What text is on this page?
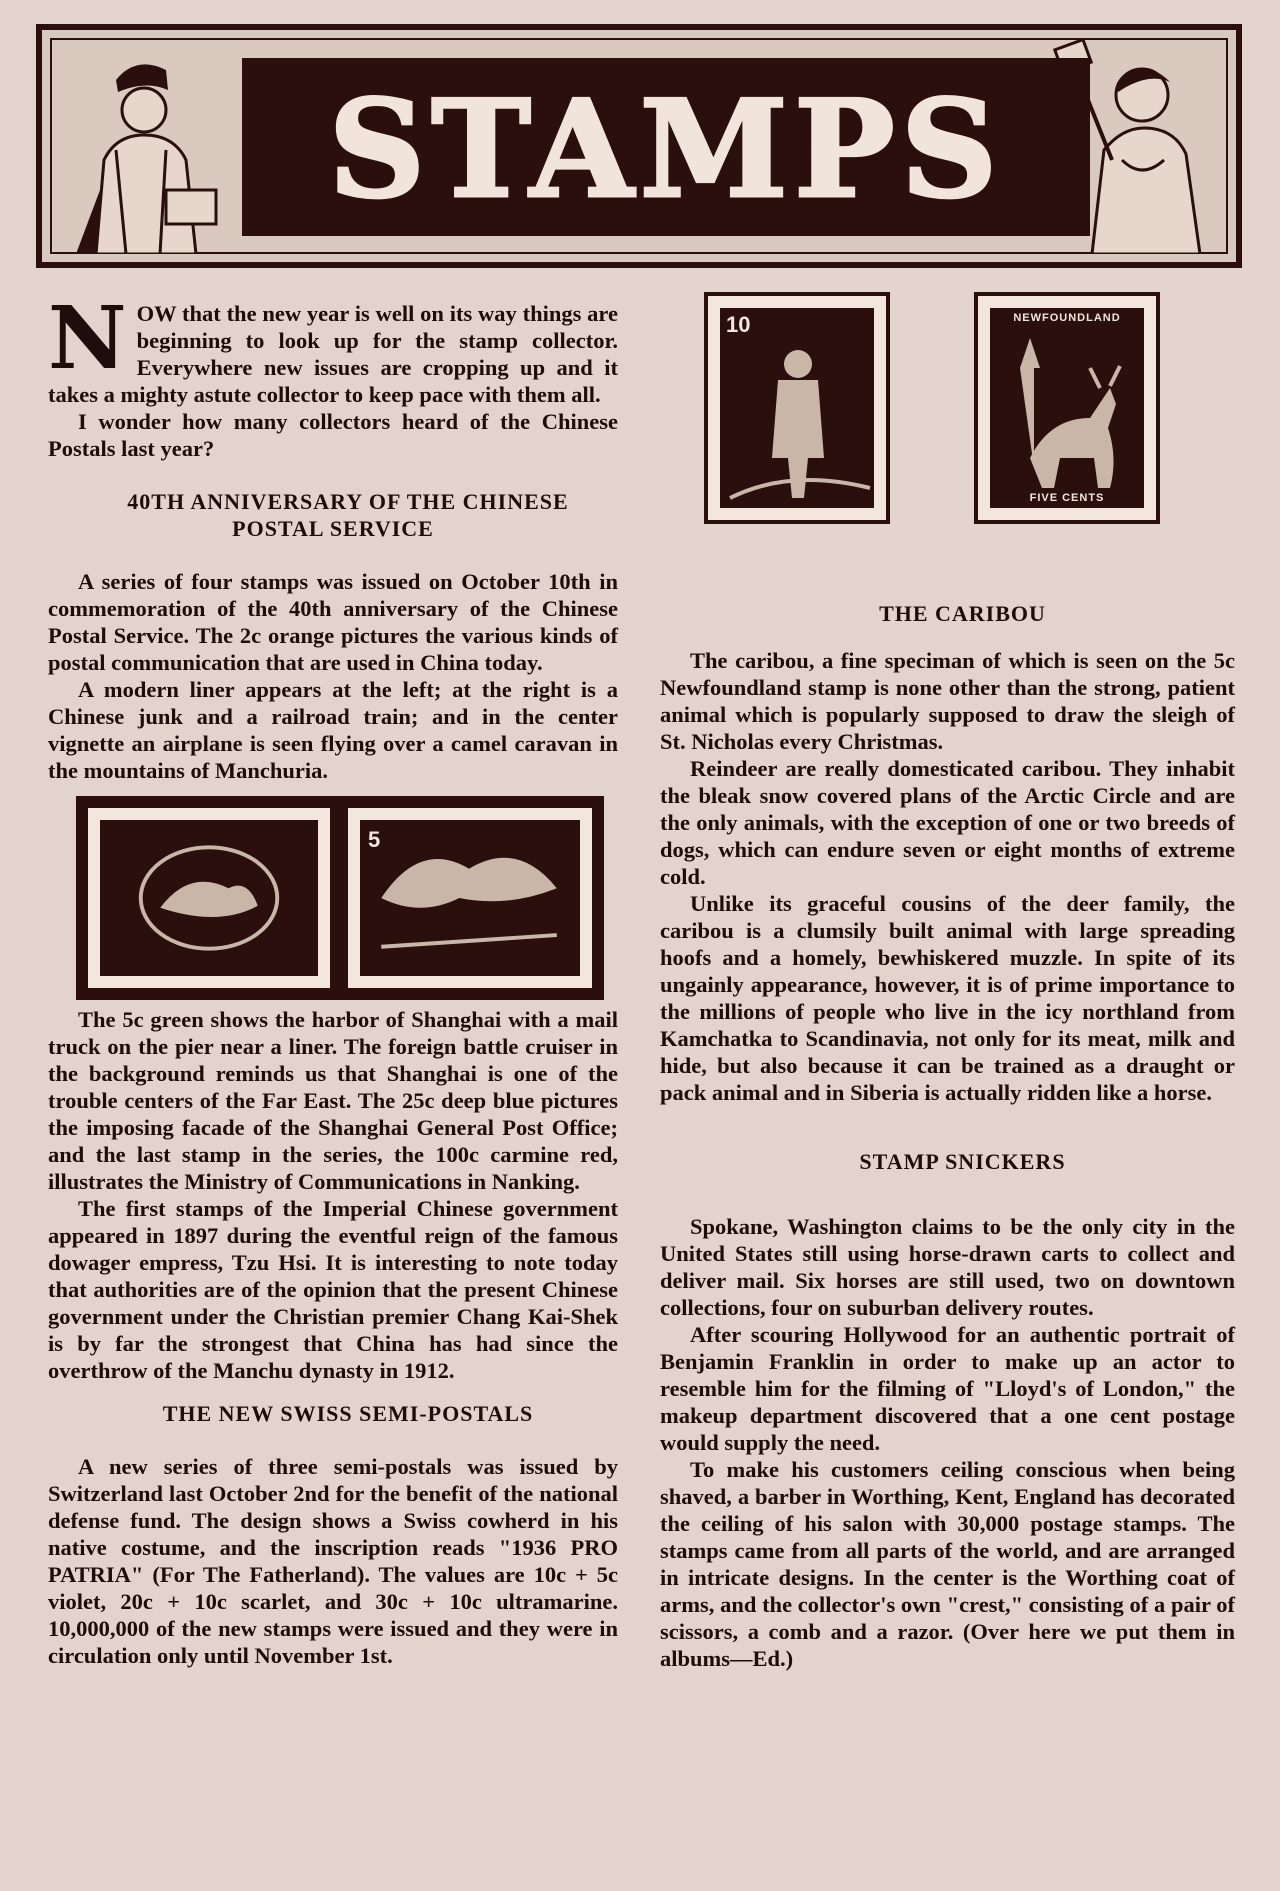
STAMPS

NOW that the new year is well on its way things are beginning to look up for the stamp collector. Everywhere new issues are cropping up and it takes a mighty astute collector to keep pace with them all.

I wonder how many collectors heard of the Chinese Postals last year?

40TH ANNIVERSARY OF THE CHINESE POSTAL SERVICE

A series of four stamps was issued on October 10th in commemoration of the 40th anniversary of the Chinese Postal Service. The 2c orange pictures the various kinds of postal communication that are used in China today.

A modern liner appears at the left; at the right is a Chinese junk and a railroad train; and in the center vignette an airplane is seen flying over a camel caravan in the mountains of Manchuria.

5

The 5c green shows the harbor of Shanghai with a mail truck on the pier near a liner. The foreign battle cruiser in the background reminds us that Shanghai is one of the trouble centers of the Far East. The 25c deep blue pictures the imposing facade of the Shanghai General Post Office; and the last stamp in the series, the 100c carmine red, illustrates the Ministry of Communications in Nanking.

The first stamps of the Imperial Chinese government appeared in 1897 during the eventful reign of the famous dowager empress, Tzu Hsi. It is interesting to note today that authorities are of the opinion that the present Chinese government under the Christian premier Chang Kai-Shek is by far the strongest that China has had since the overthrow of the Manchu dynasty in 1912.

THE NEW SWISS SEMI-POSTALS

A new series of three semi-postals was issued by Switzerland last October 2nd for the benefit of the national defense fund. The design shows a Swiss cowherd in his native costume, and the inscription reads "1936 PRO PATRIA" (For The Fatherland). The values are 10c + 5c violet, 20c + 10c scarlet, and 30c + 10c ultramarine. 10,000,000 of the new stamps were issued and they were in circulation only until November 1st.

10	NEWFOUNDLAND
FIVE CENTS

THE CARIBOU

The caribou, a fine speciman of which is seen on the 5c Newfoundland stamp is none other than the strong, patient animal which is popularly supposed to draw the sleigh of St. Nicholas every Christmas.

Reindeer are really domesticated caribou. They inhabit the bleak snow covered plans of the Arctic Circle and are the only animals, with the exception of one or two breeds of dogs, which can endure seven or eight months of extreme cold.

Unlike its graceful cousins of the deer family, the caribou is a clumsily built animal with large spreading hoofs and a homely, bewhiskered muzzle. In spite of its ungainly appearance, however, it is of prime importance to the millions of people who live in the icy northland from Kamchatka to Scandinavia, not only for its meat, milk and hide, but also because it can be trained as a draught or pack animal and in Siberia is actually ridden like a horse.

STAMP SNICKERS

Spokane, Washington claims to be the only city in the United States still using horse-drawn carts to collect and deliver mail. Six horses are still used, two on downtown collections, four on suburban delivery routes.

After scouring Hollywood for an authentic portrait of Benjamin Franklin in order to make up an actor to resemble him for the filming of "Lloyd's of London," the makeup department discovered that a one cent postage would supply the need.

To make his customers ceiling conscious when being shaved, a barber in Worthing, Kent, England has decorated the ceiling of his salon with 30,000 postage stamps. The stamps came from all parts of the world, and are arranged in intricate designs. In the center is the Worthing coat of arms, and the collector's own "crest," consisting of a pair of scissors, a comb and a razor. (Over here we put them in albums—Ed.)
